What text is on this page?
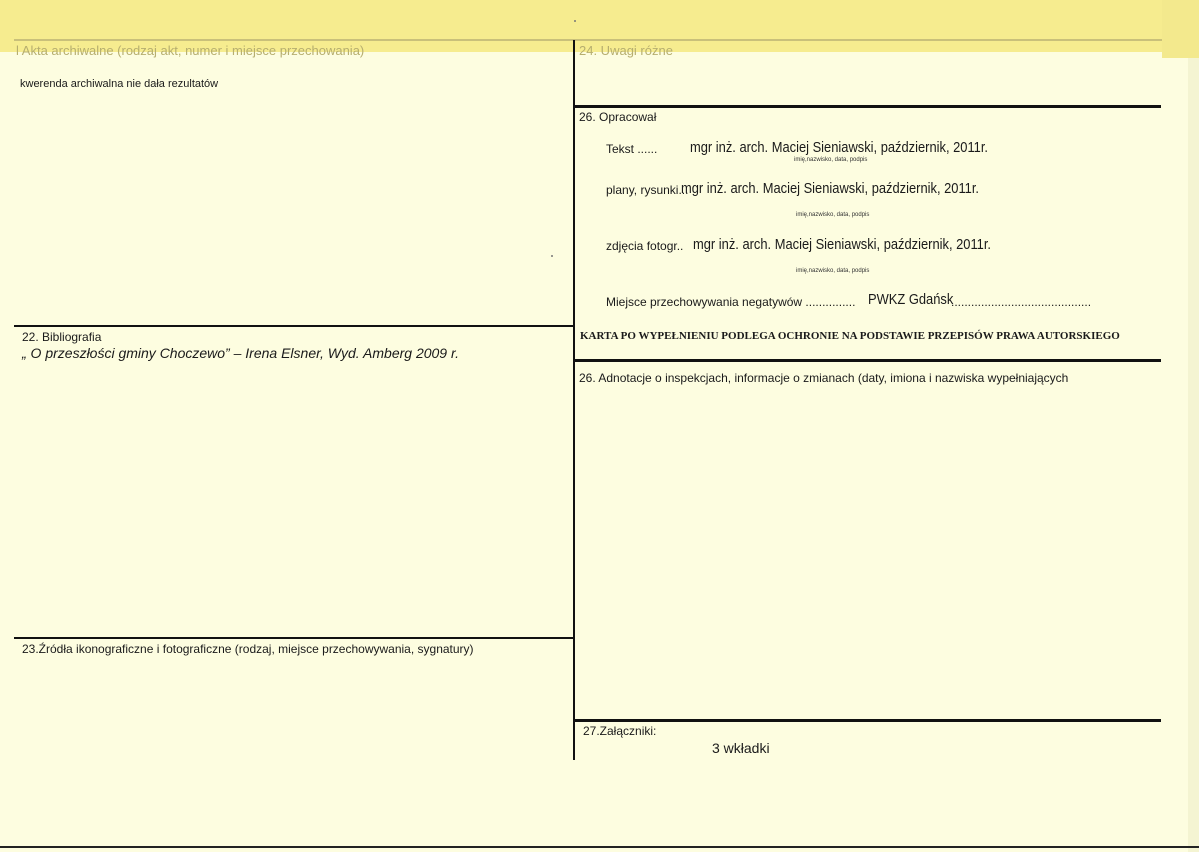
l Akta archiwalne (rodzaj akt, numer i miejsce przechowania)	24. Uwagi różne
kwerenda archiwalna nie dała rezultatów
22. Bibliografia
„ O przeszłości gminy Choczewo” – Irena Elsner, Wyd. Amberg 2009 r.
23.Źródła ikonograficzne i fotograficzne (rodzaj, miejsce przechowywania, sygnatury)
26. Opracował
Tekst ...... mgr inż. arch. Maciej Sieniawski, październik, 2011r.
imię,nazwisko, data, podpis
plany, rysunki...
mgr inż. arch. Maciej Sieniawski, październik, 2011r.
imię,nazwisko, data, podpis
zdjęcia fotogr.. mgr inż. arch. Maciej Sieniawski, październik, 2011r.
imię,nazwisko, data, podpis
Miejsce przechowywania negatywów ............... PWKZ Gdańsk
..........................................
KARTA PO WYPEŁNIENIU PODLEGA OCHRONIE NA PODSTAWIE PRZEPISÓW PRAWA AUTORSKIEGO
26. Adnotacje o inspekcjach, informacje o zmianach (daty, imiona i nazwiska wypełniających
27.Załączniki:
3 wkładki
